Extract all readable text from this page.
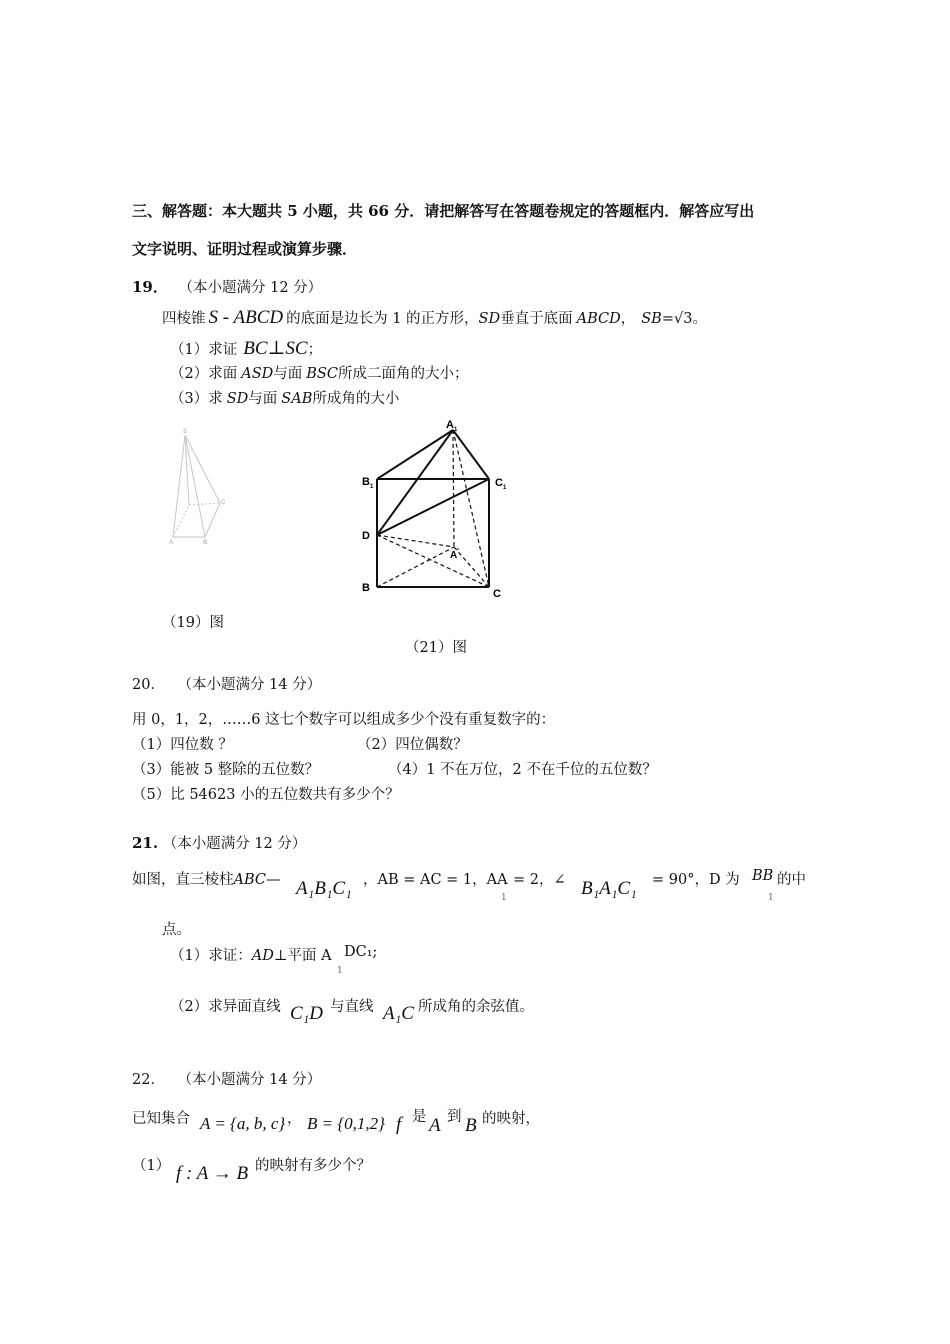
三、解答题：本大题共 5 小题，共 66 分．请把解答写在答题卷规定的答题框内．解答应写出
文字说明、证明过程或演算步骤．
19． （本小题满分 12 分）
四棱锥 S - ABCD 的底面是边长为 1 的正方形，SD垂直于底面 ABCD， SB=√3。
（1）求证 BC⊥SC；
（2）求面 ASD与面 BSC所成二面角的大小；
（3）求 SD与面 SAB所成角的大小
S
C
A	B
（19）图
A 1
B 1	C 1
D
A '
B	C
（21）图
20． （本小题满分 14 分）
用 0，1，2，……6 这七个数字可以组成多少个没有重复数字的：
（1）四位数 ？	（2）四位偶数？
（3）能被 5 整除的五位数？	（4）1 不在万位，2 不在千位的五位数？
（5）比 54623 小的五位数共有多少个？
21. （本小题满分 12 分）
如图，直三棱柱ABC— A₁B₁C₁ ，AB = AC = 1，AA
1
= 2，∠ B₁A₁C₁ = 90°，D 为 BB
1
的中
点。
（1）求证：AD⊥平面 A DC₁;
1
（2）求异面直线 C₁D 与直线 A₁C 所成角的余弦值。
22． （本小题满分 14 分）
已知集合 A = {a, b, c} ， B = {0,1,2} f 是 A 到 B 的映射，
（1） f : A → B 的映射有多少个？
